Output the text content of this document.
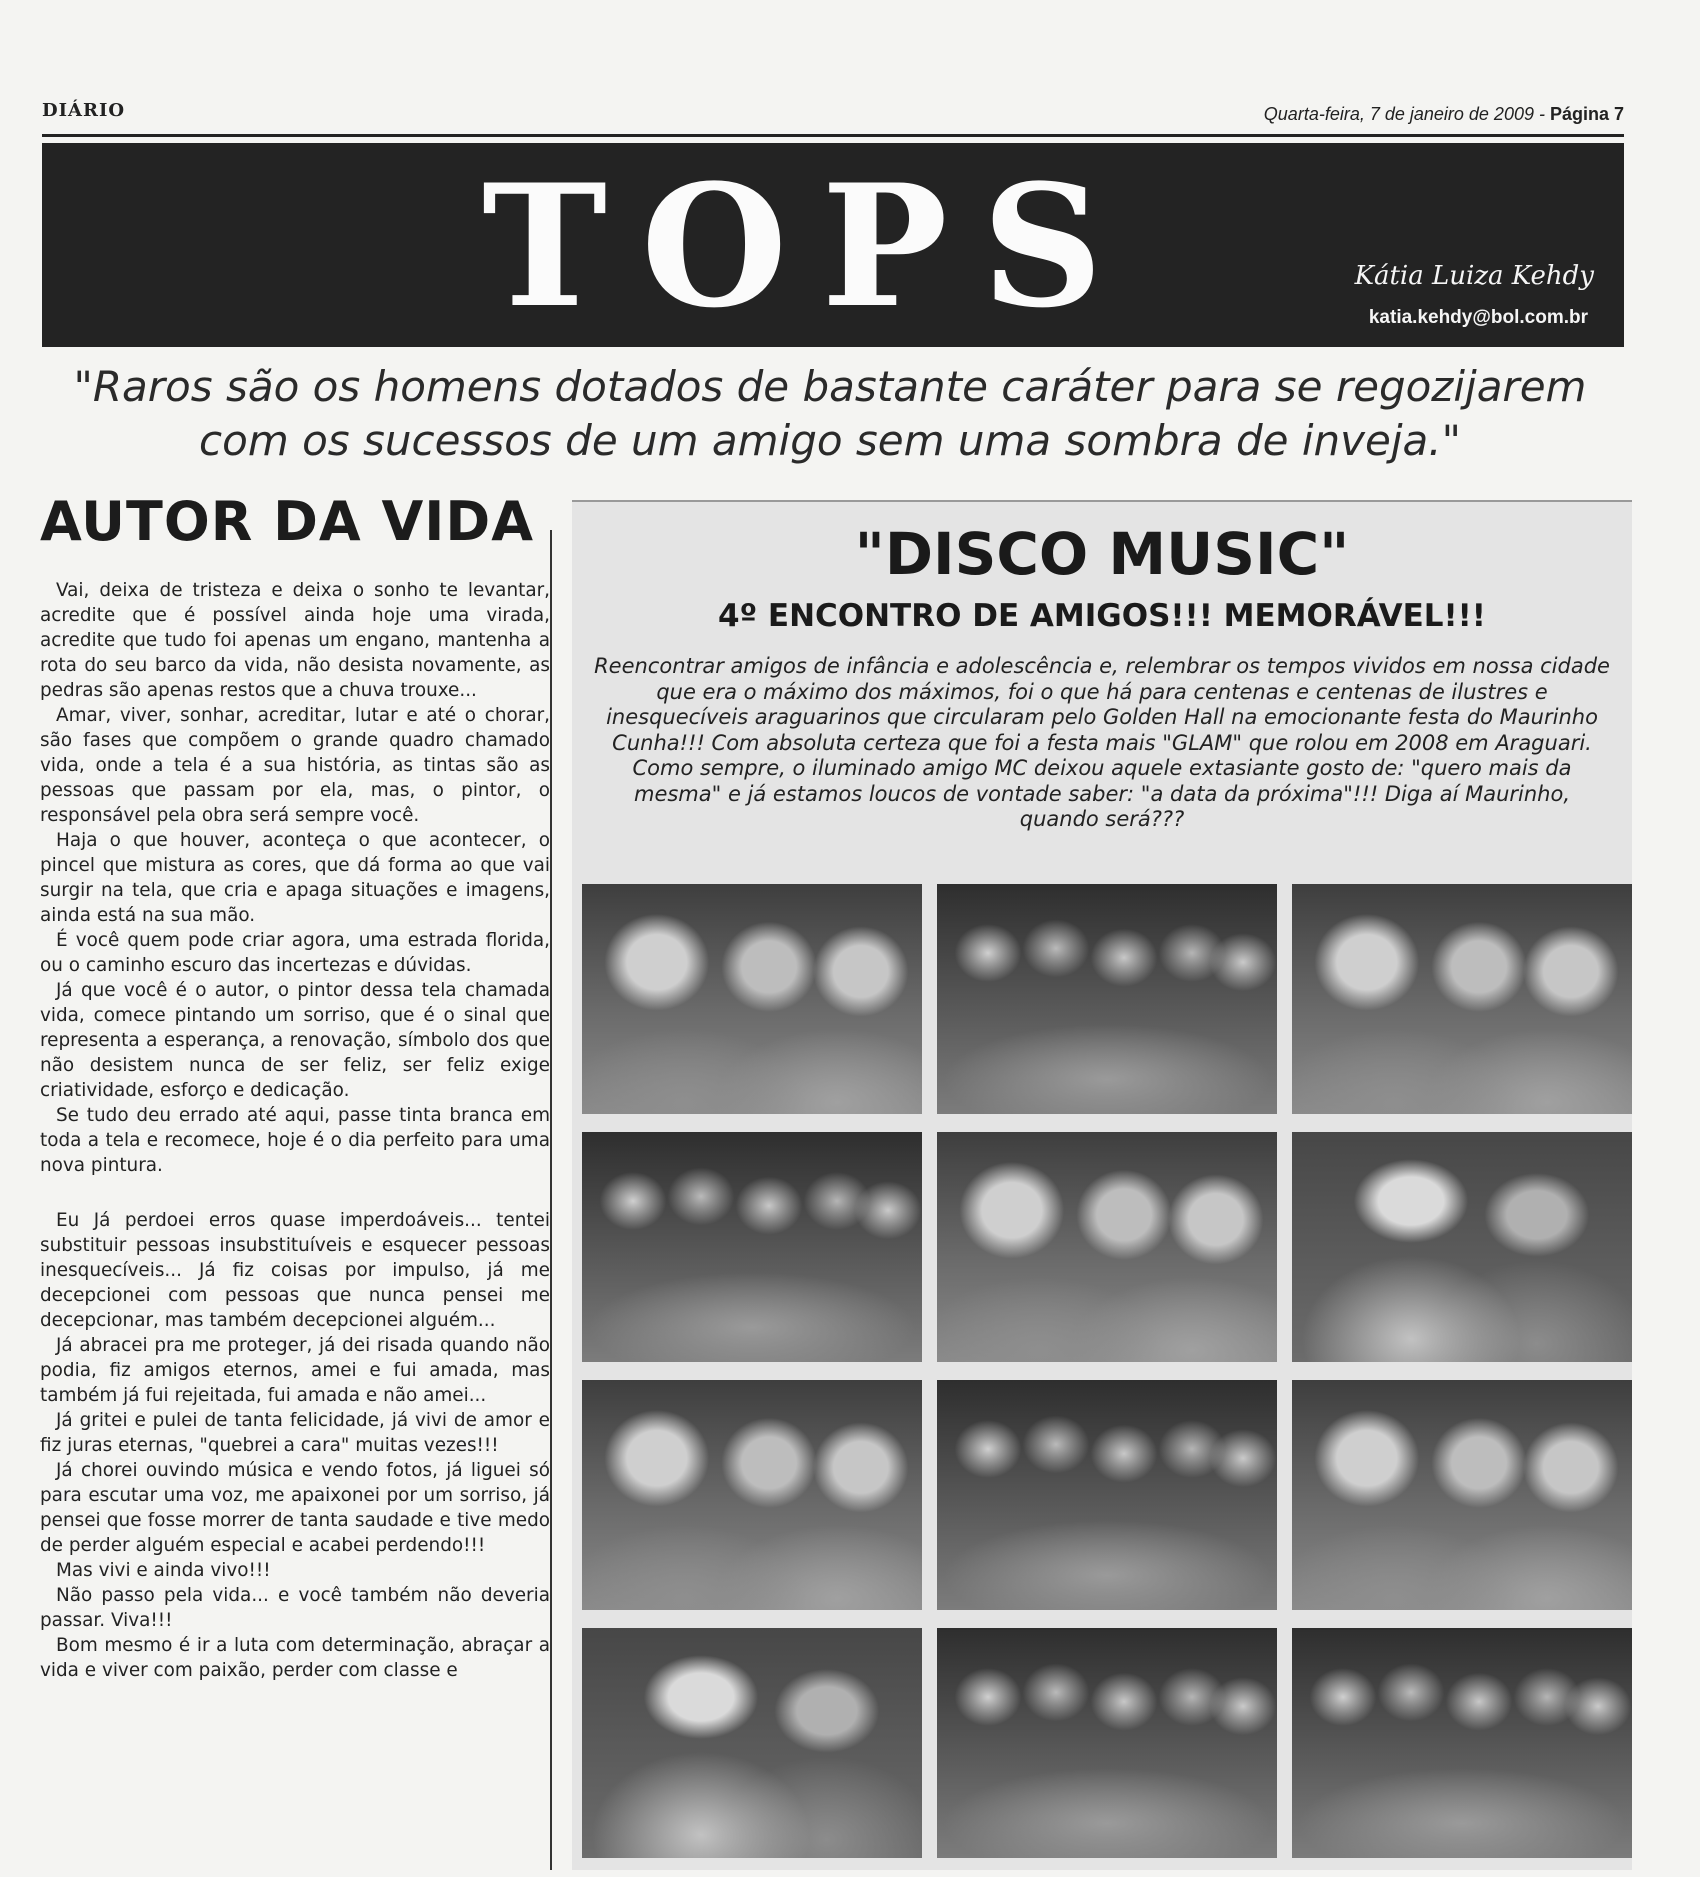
DIÁRIO	Quarta-feira, 7 de janeiro de 2009 - Página 7
TOPS	Kátia Luiza Kehdy
katia.kehdy@bol.com.br
"Raros são os homens dotados de bastante caráter para se regozijarem
com os sucessos de um amigo sem uma sombra de inveja."
AUTOR DA VIDA

Vai, deixa de tristeza e deixa o sonho te levantar, acredite que é possível ainda hoje uma virada, acredite que tudo foi apenas um engano, mantenha a rota do seu barco da vida, não desista novamente, as pedras são apenas restos que a chuva trouxe...

Amar, viver, sonhar, acreditar, lutar e até o chorar, são fases que compõem o grande quadro chamado vida, onde a tela é a sua história, as tintas são as pessoas que passam por ela, mas, o pintor, o responsável pela obra será sempre você.

Haja o que houver, aconteça o que acontecer, o pincel que mistura as cores, que dá forma ao que vai surgir na tela, que cria e apaga situações e imagens, ainda está na sua mão.

É você quem pode criar agora, uma estrada florida, ou o caminho escuro das incertezas e dúvidas.

Já que você é o autor, o pintor dessa tela chamada vida, comece pintando um sorriso, que é o sinal que representa a esperança, a renovação, símbolo dos que não desistem nunca de ser feliz, ser feliz exige criatividade, esforço e dedicação.

Se tudo deu errado até aqui, passe tinta branca em toda a tela e recomece, hoje é o dia perfeito para uma nova pintura.

Eu Já perdoei erros quase imperdoáveis... tentei substituir pessoas insubstituíveis e esquecer pessoas inesquecíveis... Já fiz coisas por impulso, já me decepcionei com pessoas que nunca pensei me decepcionar, mas também decepcionei alguém...

Já abracei pra me proteger, já dei risada quando não podia, fiz amigos eternos, amei e fui amada, mas também já fui rejeitada, fui amada e não amei...

Já gritei e pulei de tanta felicidade, já vivi de amor e fiz juras eternas, "quebrei a cara" muitas vezes!!!

Já chorei ouvindo música e vendo fotos, já liguei só para escutar uma voz, me apaixonei por um sorriso, já pensei que fosse morrer de tanta saudade e tive medo de perder alguém especial e acabei perdendo!!!

Mas vivi e ainda vivo!!!

Não passo pela vida... e você também não deveria passar. Viva!!!

Bom mesmo é ir a luta com determinação, abraçar a vida e viver com paixão, perder com classe e

"DISCO MUSIC"
4º ENCONTRO DE AMIGOS!!! MEMORÁVEL!!!
Reencontrar amigos de infância e adolescência e, relembrar os tempos vividos em nossa cidade que era o máximo dos máximos, foi o que há para centenas e centenas de ilustres e inesquecíveis araguarinos que circularam pelo Golden Hall na emocionante festa do Maurinho Cunha!!! Com absoluta certeza que foi a festa mais "GLAM" que rolou em 2008 em Araguari. Como sempre, o iluminado amigo MC deixou aquele extasiante gosto de: "quero mais da mesma" e já estamos loucos de vontade saber: "a data da próxima"!!! Diga aí Maurinho, quando será???
